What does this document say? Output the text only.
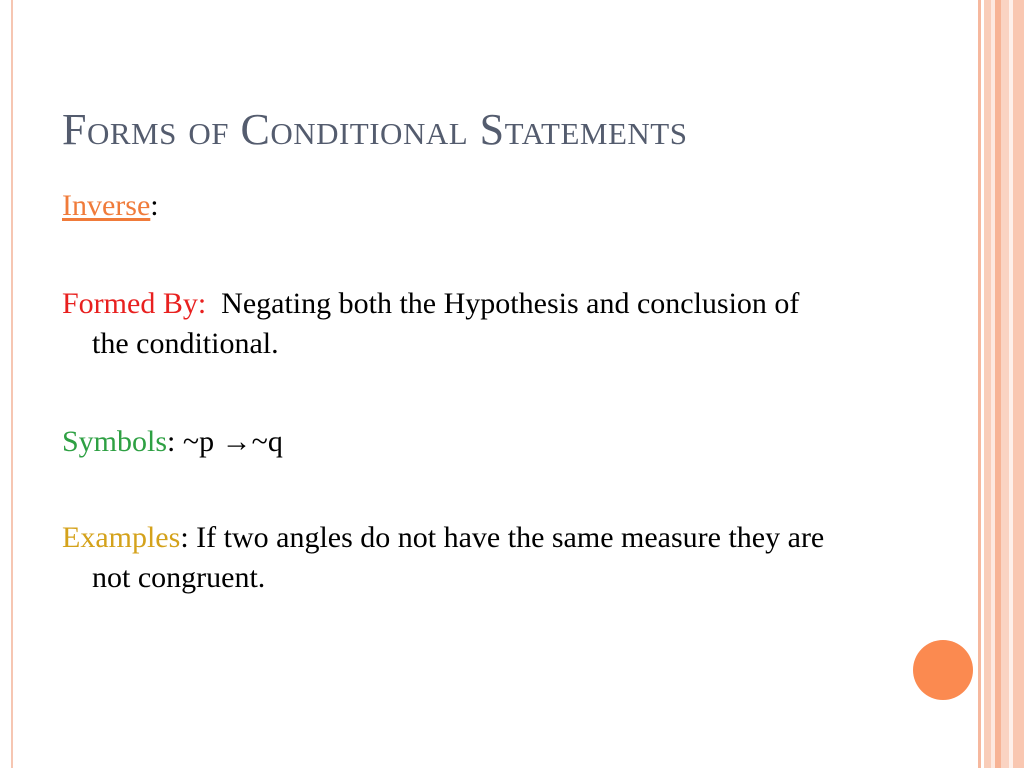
Forms of Conditional Statements

Inverse:

Formed By: Negating both the Hypothesis and conclusion of the conditional.

Symbols: ~p →~q

Examples: If two angles do not have the same measure they are not congruent.
